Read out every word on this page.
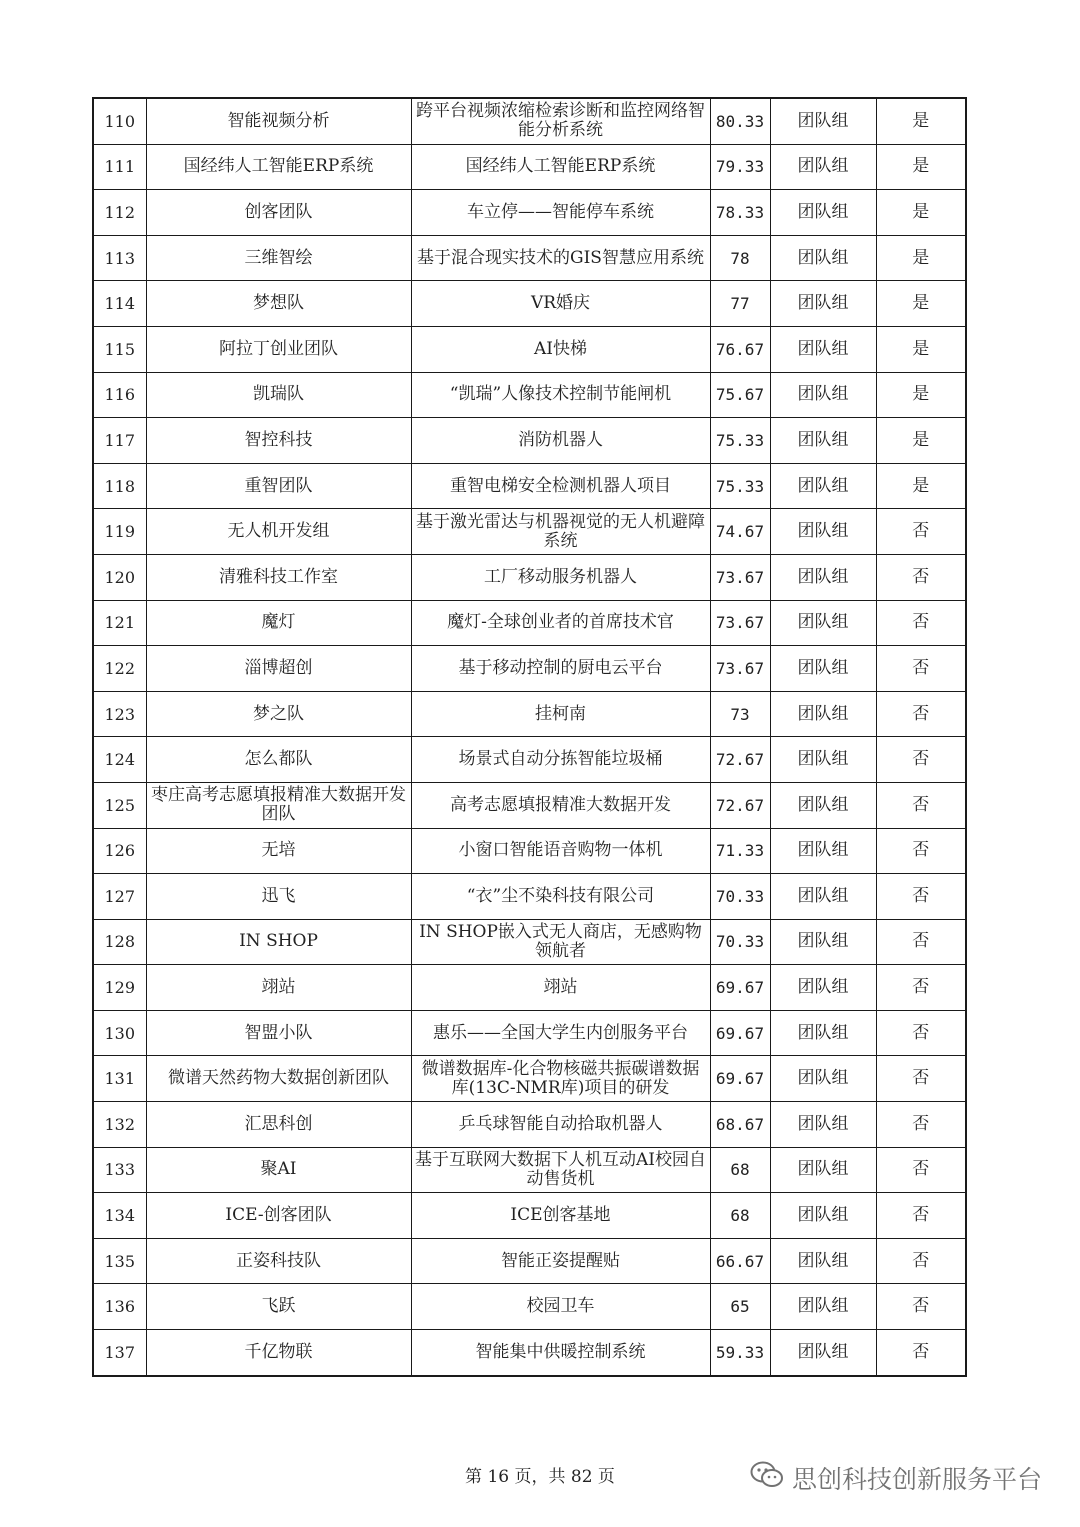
110	智能视频分析	跨平台视频浓缩检索诊断和监控网络智能分析系统	80.33	团队组	是
111	国经纬人工智能ERP系统	国经纬人工智能ERP系统	79.33	团队组	是
112	创客团队	车立停——智能停车系统	78.33	团队组	是
113	三维智绘	基于混合现实技术的GIS智慧应用系统	78	团队组	是
114	梦想队	VR婚庆	77	团队组	是
115	阿拉丁创业团队	AI快梯	76.67	团队组	是
116	凯瑞队	“凯瑞”人像技术控制节能闸机	75.67	团队组	是
117	智控科技	消防机器人	75.33	团队组	是
118	重智团队	重智电梯安全检测机器人项目	75.33	团队组	是
119	无人机开发组	基于激光雷达与机器视觉的无人机避障系统	74.67	团队组	否
120	清雅科技工作室	工厂移动服务机器人	73.67	团队组	否
121	魔灯	魔灯-全球创业者的首席技术官	73.67	团队组	否
122	淄博超创	基于移动控制的厨电云平台	73.67	团队组	否
123	梦之队	挂柯南	73	团队组	否
124	怎么都队	场景式自动分拣智能垃圾桶	72.67	团队组	否
125	枣庄高考志愿填报精准大数据开发团队	高考志愿填报精准大数据开发	72.67	团队组	否
126	无培	小窗口智能语音购物一体机	71.33	团队组	否
127	迅飞	“衣”尘不染科技有限公司	70.33	团队组	否
128	IN SHOP	IN SHOP嵌入式无人商店，无感购物领航者	70.33	团队组	否
129	翊站	翊站	69.67	团队组	否
130	智盟小队	惠乐——全国大学生内创服务平台	69.67	团队组	否
131	微谱天然药物大数据创新团队	微谱数据库-化合物核磁共振碳谱数据库(13C-NMR库)项目的研发	69.67	团队组	否
132	汇思科创	乒乓球智能自动拾取机器人	68.67	团队组	否
133	聚AI	基于互联网大数据下人机互动AI校园自动售货机	68	团队组	否
134	ICE-创客团队	ICE创客基地	68	团队组	否
135	正姿科技队	智能正姿提醒贴	66.67	团队组	否
136	飞跃	校园卫车	65	团队组	否
137	千亿物联	智能集中供暖控制系统	59.33	团队组	否
第 16 页，共 82 页	思创科技创新服务平台
